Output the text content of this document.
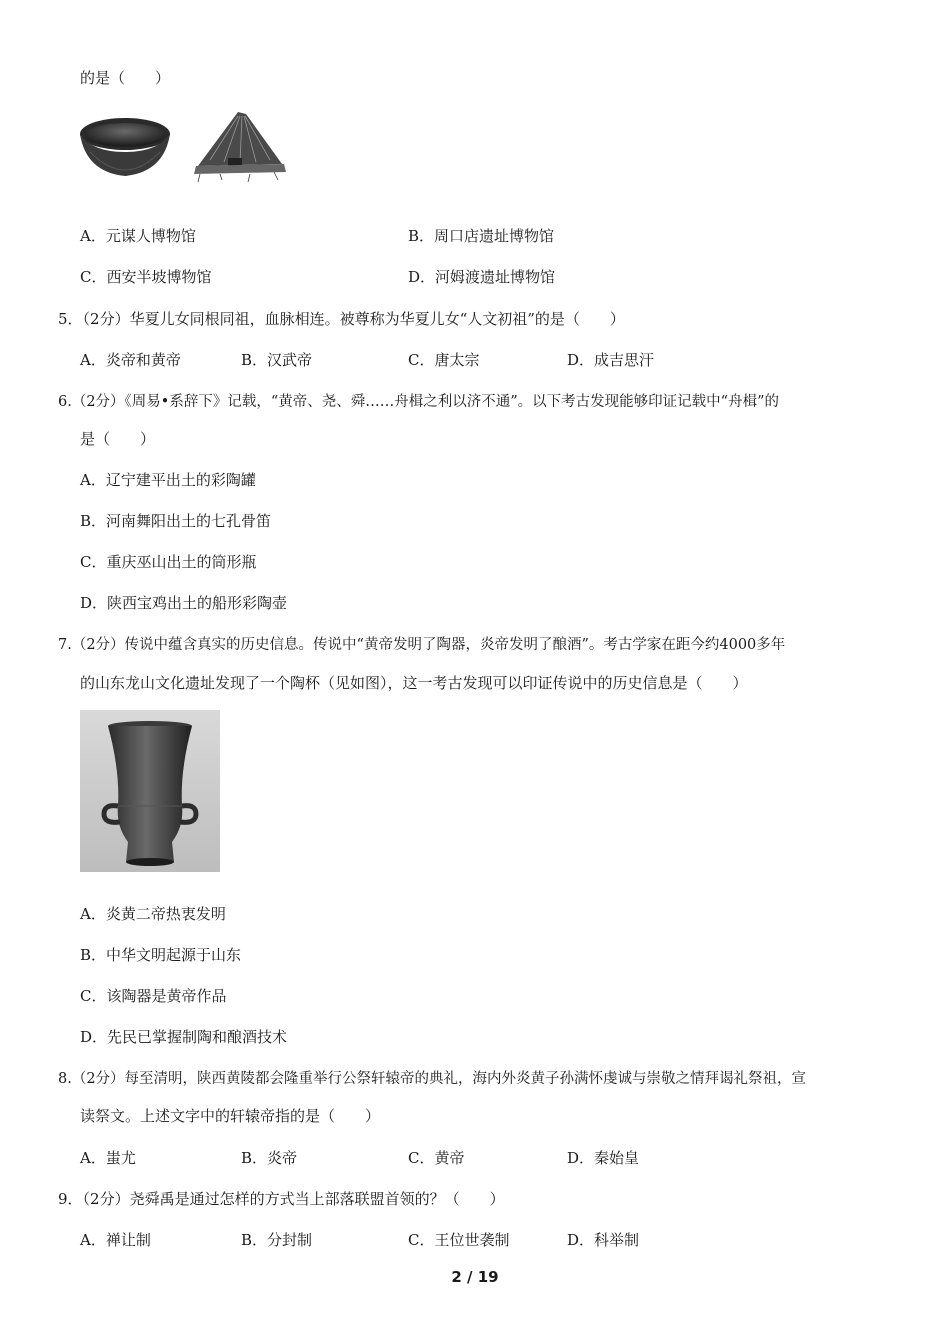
的是（　　）
A．元谋人博物馆	B．周口店遗址博物馆
C．西安半坡博物馆	D．河姆渡遗址博物馆
5．（2分）华夏儿女同根同祖，血脉相连。被尊称为华夏儿女“人文初祖”的是（　　）
A．炎帝和黄帝	B．汉武帝	C．唐太宗	D．成吉思汗
6.（2分）《周易•系辞下》记载，“黄帝、尧、舜……舟楫之利以济不通”。以下考古发现能够印证记载中“舟楫”的
是（　　）
A．辽宁建平出土的彩陶罐
B．河南舞阳出土的七孔骨笛
C．重庆巫山出土的筒形瓶
D．陕西宝鸡出土的船形彩陶壶
7.（2分）传说中蕴含真实的历史信息。传说中“黄帝发明了陶器，炎帝发明了酿酒”。考古学家在距今约4000多年
的山东龙山文化遗址发现了一个陶杯（见如图），这一考古发现可以印证传说中的历史信息是（　　）
A．炎黄二帝热衷发明
B．中华文明起源于山东
C．该陶器是黄帝作品
D．先民已掌握制陶和酿酒技术
8.（2分）每至清明，陕西黄陵都会隆重举行公祭轩辕帝的典礼，海内外炎黄子孙满怀虔诚与崇敬之情拜谒礼祭祖，宣
读祭文。上述文字中的轩辕帝指的是（　　）
A．蚩尤	B．炎帝	C．黄帝	D．秦始皇
9．（2分）尧舜禹是通过怎样的方式当上部落联盟首领的？（　　）
A．禅让制	B．分封制	C．王位世袭制	D．科举制
2 / 19
